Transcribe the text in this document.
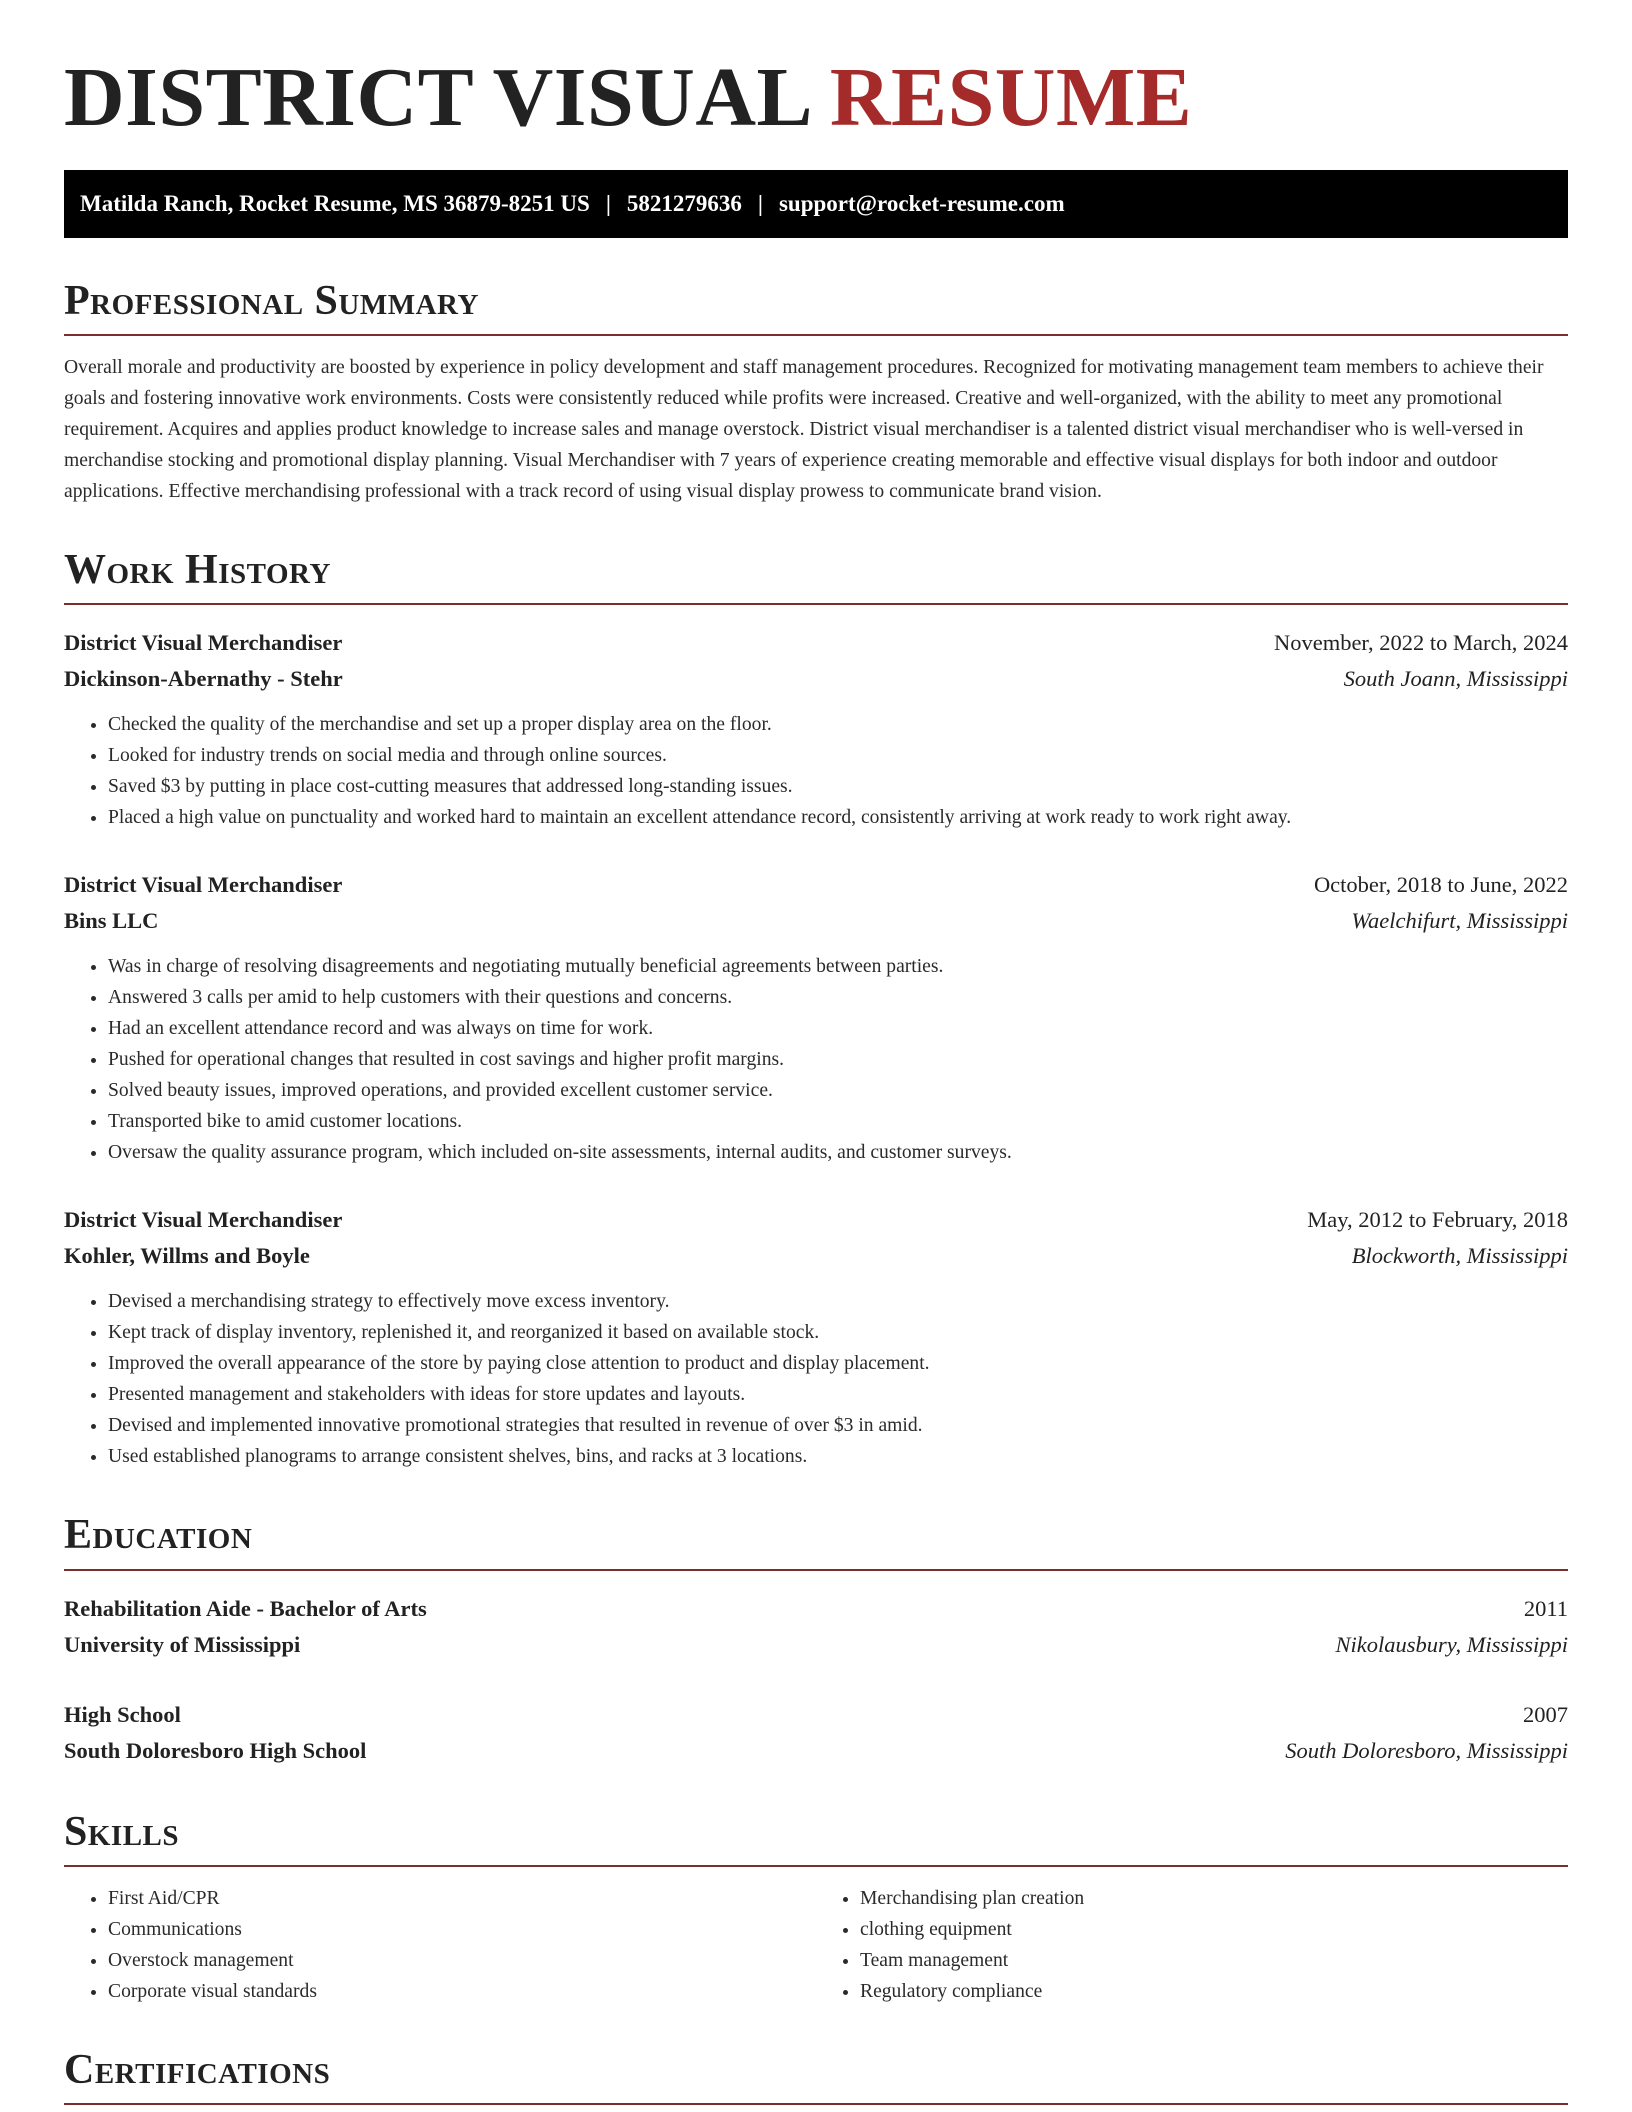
DISTRICT VISUAL RESUME
Matilda Ranch, Rocket Resume, MS 36879-8251 US | 5821279636 | support@rocket-resume.com
Professional Summary

Overall morale and productivity are boosted by experience in policy development and staff management procedures. Recognized for motivating management team members to achieve their goals and fostering innovative work environments. Costs were consistently reduced while profits were increased. Creative and well-organized, with the ability to meet any promotional requirement. Acquires and applies product knowledge to increase sales and manage overstock. District visual merchandiser is a talented district visual merchandiser who is well-versed in merchandise stocking and promotional display planning. Visual Merchandiser with 7 years of experience creating memorable and effective visual displays for both indoor and outdoor applications. Effective merchandising professional with a track record of using visual display prowess to communicate brand vision.

Work History
District Visual Merchandiser	November, 2022 to March, 2024
Dickinson-Abernathy - Stehr	South Joann, Mississippi
• Checked the quality of the merchandise and set up a proper display area on the floor.
• Looked for industry trends on social media and through online sources.
• Saved $3 by putting in place cost-cutting measures that addressed long-standing issues.
• Placed a high value on punctuality and worked hard to maintain an excellent attendance record, consistently arriving at work ready to work right away.
District Visual Merchandiser	October, 2018 to June, 2022
Bins LLC	Waelchifurt, Mississippi
• Was in charge of resolving disagreements and negotiating mutually beneficial agreements between parties.
• Answered 3 calls per amid to help customers with their questions and concerns.
• Had an excellent attendance record and was always on time for work.
• Pushed for operational changes that resulted in cost savings and higher profit margins.
• Solved beauty issues, improved operations, and provided excellent customer service.
• Transported bike to amid customer locations.
• Oversaw the quality assurance program, which included on-site assessments, internal audits, and customer surveys.
District Visual Merchandiser	May, 2012 to February, 2018
Kohler, Willms and Boyle	Blockworth, Mississippi
• Devised a merchandising strategy to effectively move excess inventory.
• Kept track of display inventory, replenished it, and reorganized it based on available stock.
• Improved the overall appearance of the store by paying close attention to product and display placement.
• Presented management and stakeholders with ideas for store updates and layouts.
• Devised and implemented innovative promotional strategies that resulted in revenue of over $3 in amid.
• Used established planograms to arrange consistent shelves, bins, and racks at 3 locations.
Education
Rehabilitation Aide - Bachelor of Arts	2011
University of Mississippi	Nikolausbury, Mississippi
High School	2007
South Doloresboro High School	South Doloresboro, Mississippi
Skills
• First Aid/CPR
• Communications
• Overstock management
• Corporate visual standards
• Merchandising plan creation
• clothing equipment
• Team management
• Regulatory compliance
Certifications
